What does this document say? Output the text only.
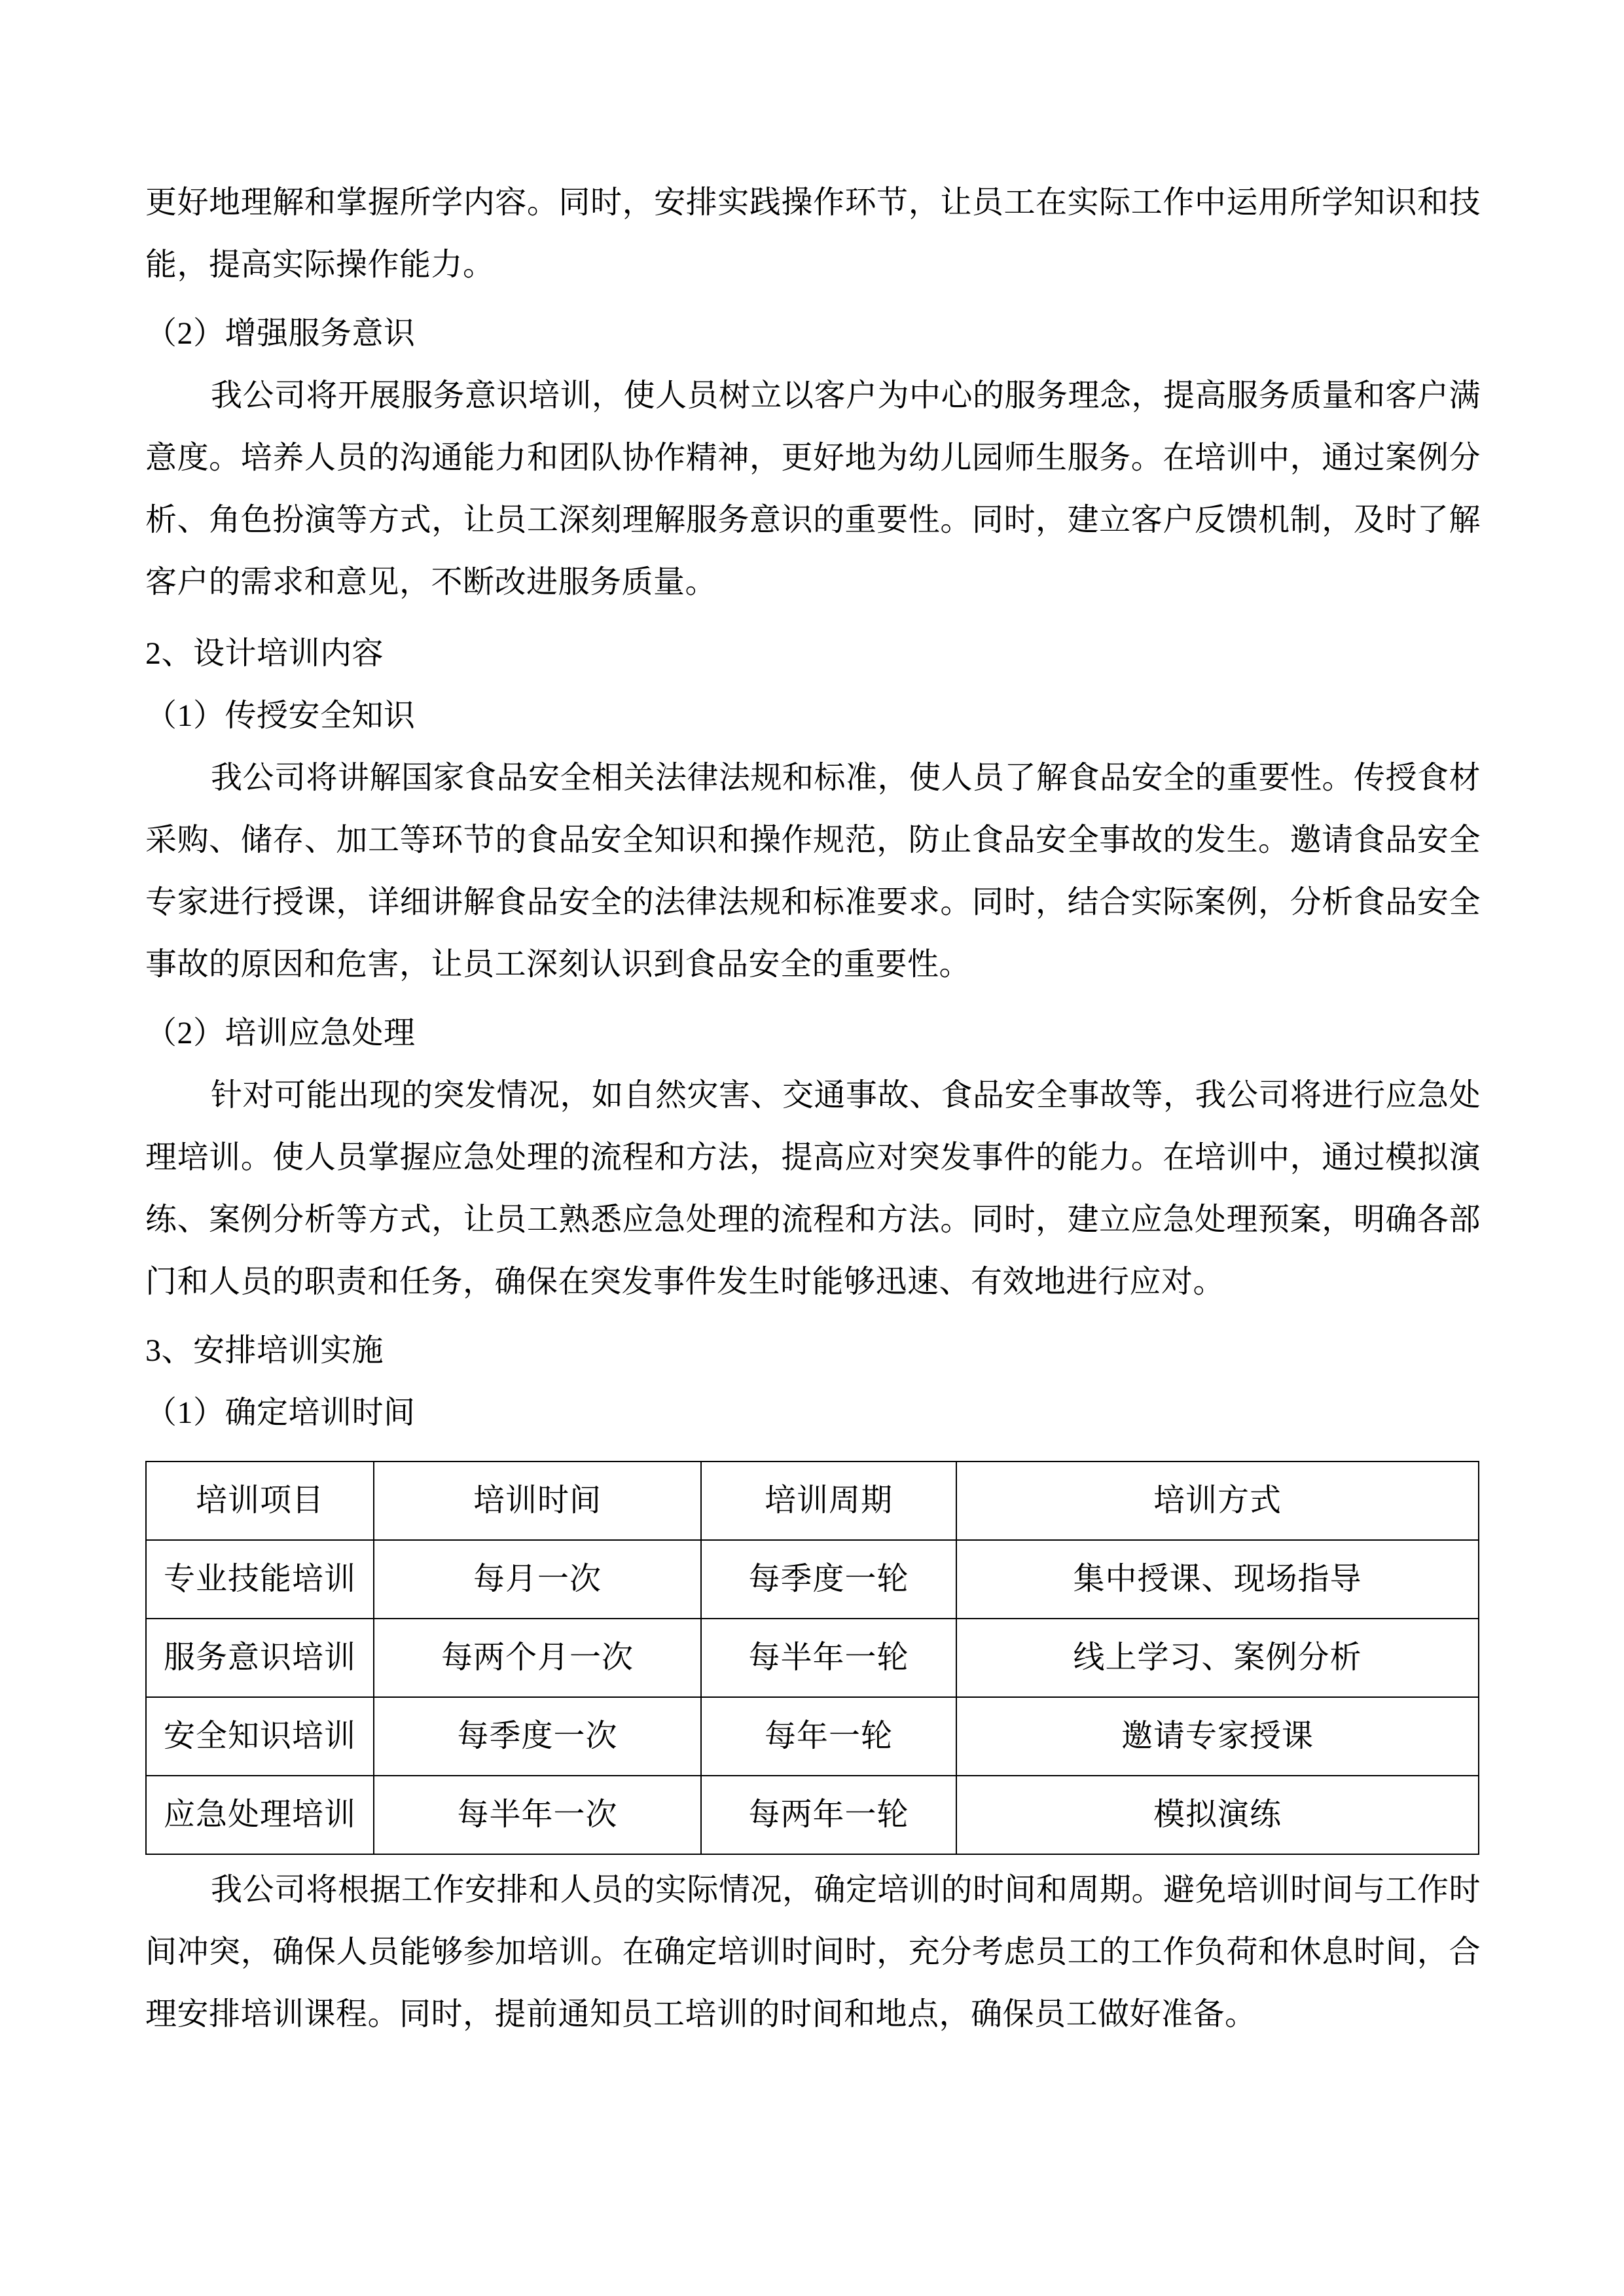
更好地理解和掌握所学内容。同时，安排实践操作环节，让员工在实际工作中运用所学知识和技能，提高实际操作能力。

（2）增强服务意识

我公司将开展服务意识培训，使人员树立以客户为中心的服务理念，提高服务质量和客户满意度。培养人员的沟通能力和团队协作精神，更好地为幼儿园师生服务。在培训中，通过案例分析、角色扮演等方式，让员工深刻理解服务意识的重要性。同时，建立客户反馈机制，及时了解客户的需求和意见，不断改进服务质量。

2、设计培训内容

（1）传授安全知识

我公司将讲解国家食品安全相关法律法规和标准，使人员了解食品安全的重要性。传授食材采购、储存、加工等环节的食品安全知识和操作规范，防止食品安全事故的发生。邀请食品安全专家进行授课，详细讲解食品安全的法律法规和标准要求。同时，结合实际案例，分析食品安全事故的原因和危害，让员工深刻认识到食品安全的重要性。

（2）培训应急处理

针对可能出现的突发情况，如自然灾害、交通事故、食品安全事故等，我公司将进行应急处理培训。使人员掌握应急处理的流程和方法，提高应对突发事件的能力。在培训中，通过模拟演练、案例分析等方式，让员工熟悉应急处理的流程和方法。同时，建立应急处理预案，明确各部门和人员的职责和任务，确保在突发事件发生时能够迅速、有效地进行应对。

3、安排培训实施

（1）确定培训时间

培训项目	培训时间	培训周期	培训方式
专业技能培训	每月一次	每季度一轮	集中授课、现场指导
服务意识培训	每两个月一次	每半年一轮	线上学习、案例分析
安全知识培训	每季度一次	每年一轮	邀请专家授课
应急处理培训	每半年一次	每两年一轮	模拟演练

我公司将根据工作安排和人员的实际情况，确定培训的时间和周期。避免培训时间与工作时间冲突，确保人员能够参加培训。在确定培训时间时，充分考虑员工的工作负荷和休息时间，合理安排培训课程。同时，提前通知员工培训的时间和地点，确保员工做好准备。
